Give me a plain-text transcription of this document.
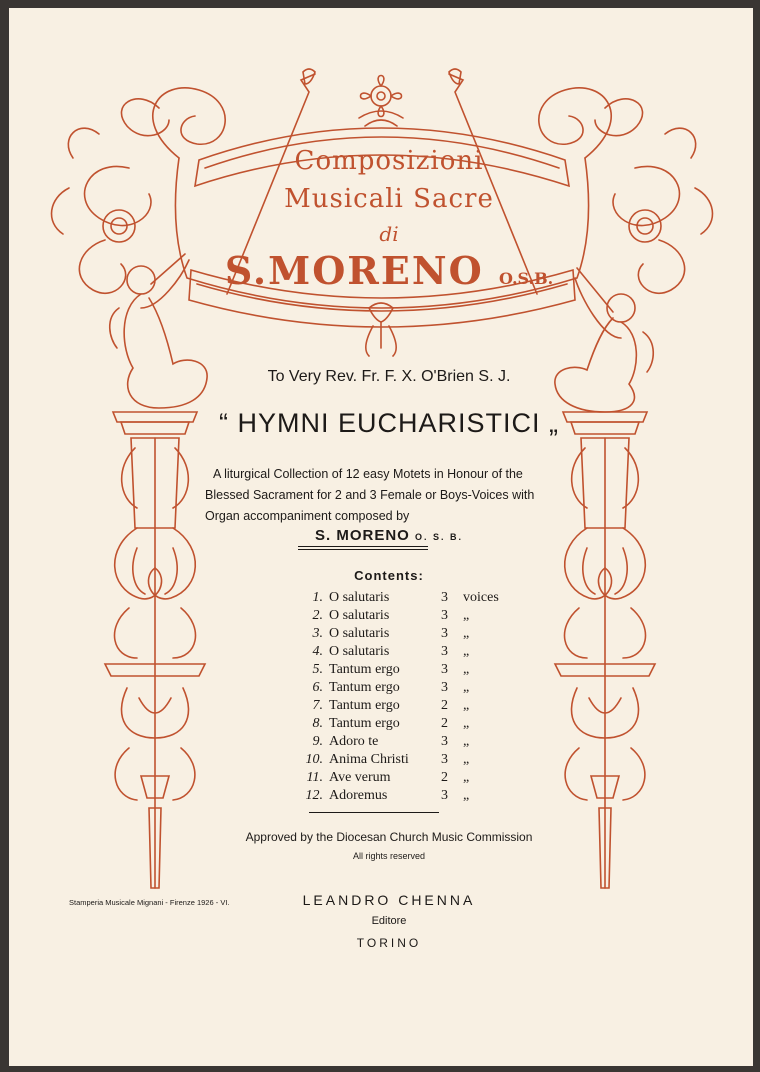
Composizioni
Musicali Sacre
di
S.MORENO O.S.B.
To Very Rev. Fr. F. X. O'Brien S. J.
“ HYMNI EUCHARISTICI „
A liturgical Collection of 12 easy Motets in Honour of the Blessed Sacrament for 2 and 3 Female or Boys-Voices with Organ accompaniment composed by
S. MORENO O. S. B.
Contents:
1. O salutaris	3 voices
2. O salutaris	3 „
3. O salutaris	3 „
4. O salutaris	3 „
5. Tantum ergo	3 „
6. Tantum ergo	3 „
7. Tantum ergo	2 „
8. Tantum ergo	2 „
9. Adoro te	3 „
10. Anima Christi 3 „
11. Ave verum	2 „
12. Adoremus	3 „
Approved by the Diocesan Church Music Commission
All rights reserved
Stamperia Musicale Mignani - Firenze 1926 - VI.	LEANDRO CHENNA
Editore
TORINO
